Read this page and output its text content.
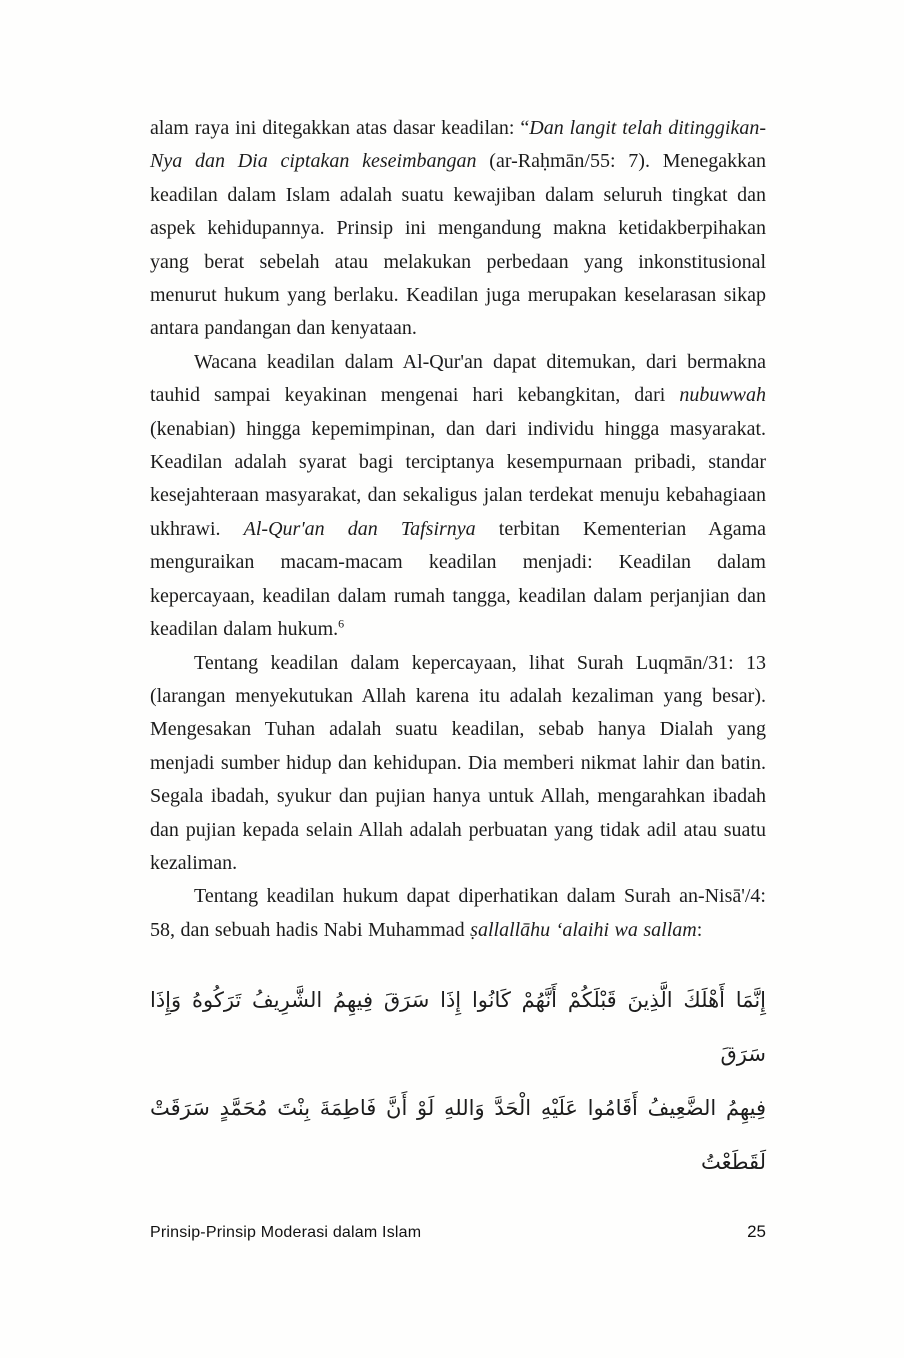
alam raya ini ditegakkan atas dasar keadilan: “Dan langit telah ditinggikan-Nya dan Dia ciptakan keseimbangan (ar-Raḥmān/55: 7). Menegakkan keadilan dalam Islam adalah suatu kewajiban dalam seluruh tingkat dan aspek kehidupannya. Prinsip ini mengandung makna ketidakberpihakan yang berat sebelah atau melakukan perbedaan yang inkonstitusional menurut hukum yang berlaku. Keadilan juga merupakan keselarasan sikap antara pandangan dan kenyataan.

Wacana keadilan dalam Al-Qur'an dapat ditemukan, dari bermakna tauhid sampai keyakinan mengenai hari kebangkitan, dari nubuwwah (kenabian) hingga kepemimpinan, dan dari individu hingga masyarakat. Keadilan adalah syarat bagi terciptanya kesempurnaan pribadi, standar kesejahteraan masyarakat, dan sekaligus jalan terdekat menuju kebahagiaan ukhrawi. Al-Qur'an dan Tafsirnya terbitan Kementerian Agama menguraikan macam-macam keadilan menjadi: Keadilan dalam kepercayaan, keadilan dalam rumah tangga, keadilan dalam perjanjian dan keadilan dalam hukum.$^6$

Tentang keadilan dalam kepercayaan, lihat Surah Luqmān/31: 13 (larangan menyekutukan Allah karena itu adalah kezaliman yang besar). Mengesakan Tuhan adalah suatu keadilan, sebab hanya Dialah yang menjadi sumber hidup dan kehidupan. Dia memberi nikmat lahir dan batin. Segala ibadah, syukur dan pujian hanya untuk Allah, mengarahkan ibadah dan pujian kepada selain Allah adalah perbuatan yang tidak adil atau suatu kezaliman.

Tentang keadilan hukum dapat diperhatikan dalam Surah an-Nisā'/4: 58, dan sebuah hadis Nabi Muhammad ṣallallāhu ‘alaihi wa sallam:

إِنَّمَا أَهْلَكَ الَّذِينَ قَبْلَكُمْ أَنَّهُمْ كَانُوا إِذَا سَرَقَ فِيهِمُ الشَّرِيفُ تَرَكُوهُ وَإِذَا سَرَقَ
فِيهِمُ الضَّعِيفُ أَقَامُوا عَلَيْهِ الْحَدَّ وَاللهِ لَوْ أَنَّ فَاطِمَةَ بِنْتَ مُحَمَّدٍ سَرَقَتْ لَقَطَعْتُ
Prinsip-Prinsip Moderasi dalam Islam	25
